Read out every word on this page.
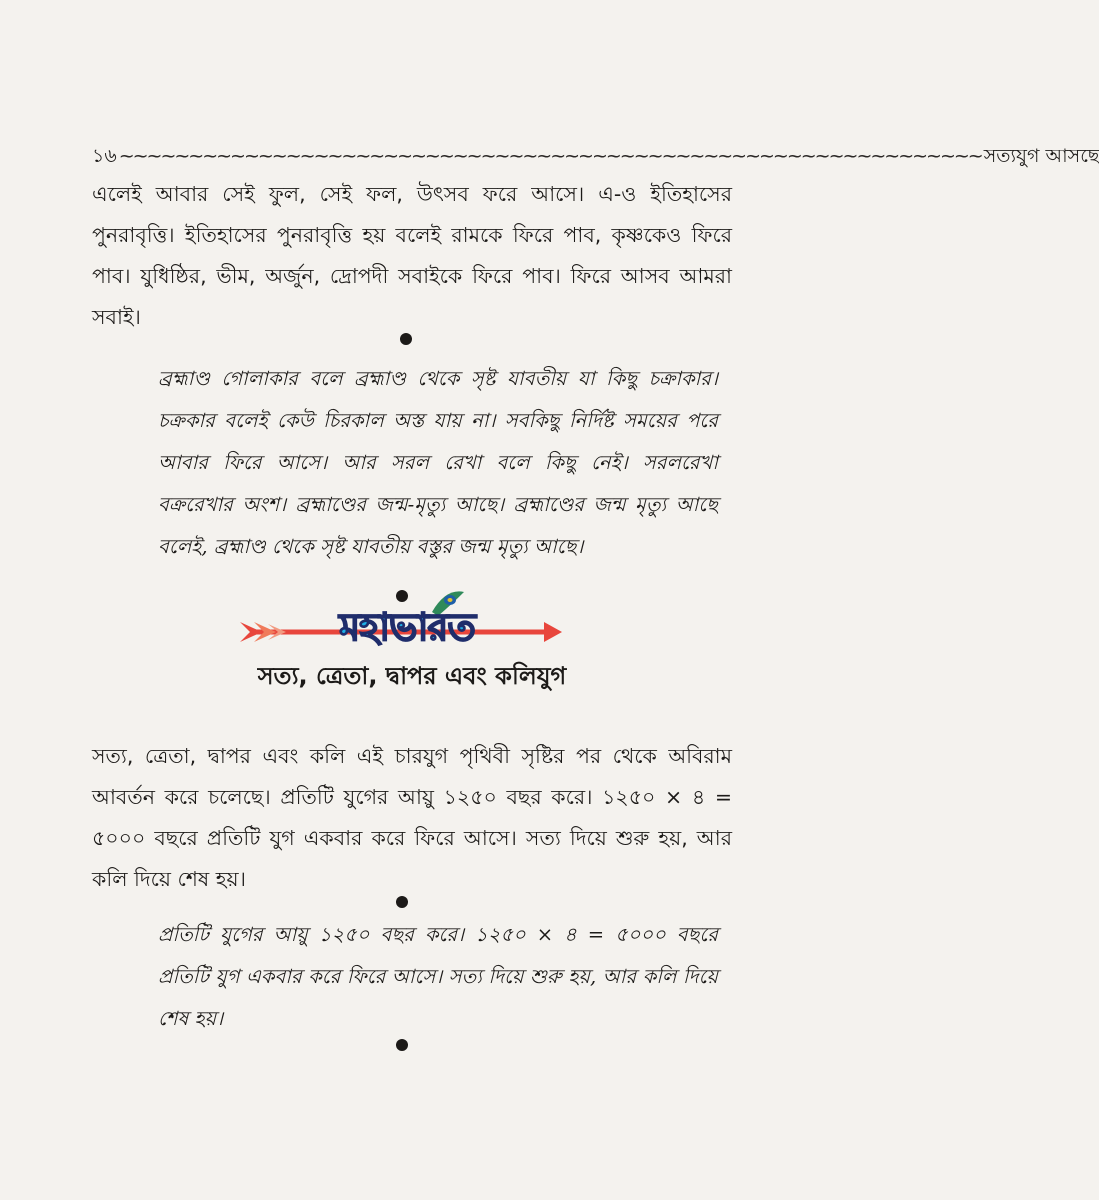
১৬ ~~~~~~~~~~~~~~~~~~~~~~~~~~~~~~~~~~~~~~~~~~~~~~~~~~~~~~~~~~~~~~ সত্যযুগ আসছে
এলেই আবার সেই ফুল, সেই ফল, উৎসব ফরে আসে। এ-ও ইতিহাসের পুনরাবৃত্তি। ইতিহাসের পুনরাবৃত্তি হয় বলেই রামকে ফিরে পাব, কৃষ্ণকেও ফিরে পাব। যুধিষ্ঠির, ভীম, অর্জুন, দ্রোপদী সবাইকে ফিরে পাব। ফিরে আসব আমরা সবাই।
ব্রহ্মাণ্ড গোলাকার বলে ব্রহ্মাণ্ড থেকে সৃষ্ট যাবতীয় যা কিছু চক্রাকার। চক্রকার বলেই কেউ চিরকাল অস্ত যায় না। সবকিছু নির্দিষ্ট সময়ের পরে আবার ফিরে আসে। আর সরল রেখা বলে কিছু নেই। সরলরেখা বক্ররেখার অংশ। ব্রহ্মাণ্ডের জন্ম-মৃত্যু আছে। ব্রহ্মাণ্ডের জন্ম মৃত্যু আছে বলেই, ব্রহ্মাণ্ড থেকে সৃষ্ট যাবতীয় বস্তুর জন্ম মৃত্যু আছে।
মহাভারত
সত্য, ত্রেতা, দ্বাপর এবং কলিযুগ
সত্য, ত্রেতা, দ্বাপর এবং কলি এই চারযুগ পৃথিবী সৃষ্টির পর থেকে অবিরাম আবর্তন করে চলেছে। প্রতিটি যুগের আয়ু ১২৫০ বছর করে। ১২৫০ × ৪ = ৫০০০ বছরে প্রতিটি যুগ একবার করে ফিরে আসে। সত্য দিয়ে শুরু হয়, আর কলি দিয়ে শেষ হয়।
প্রতিটি যুগের আয়ু ১২৫০ বছর করে। ১২৫০ × ৪ = ৫০০০ বছরে প্রতিটি যুগ একবার করে ফিরে আসে। সত্য দিয়ে শুরু হয়, আর কলি দিয়ে শেষ হয়।
